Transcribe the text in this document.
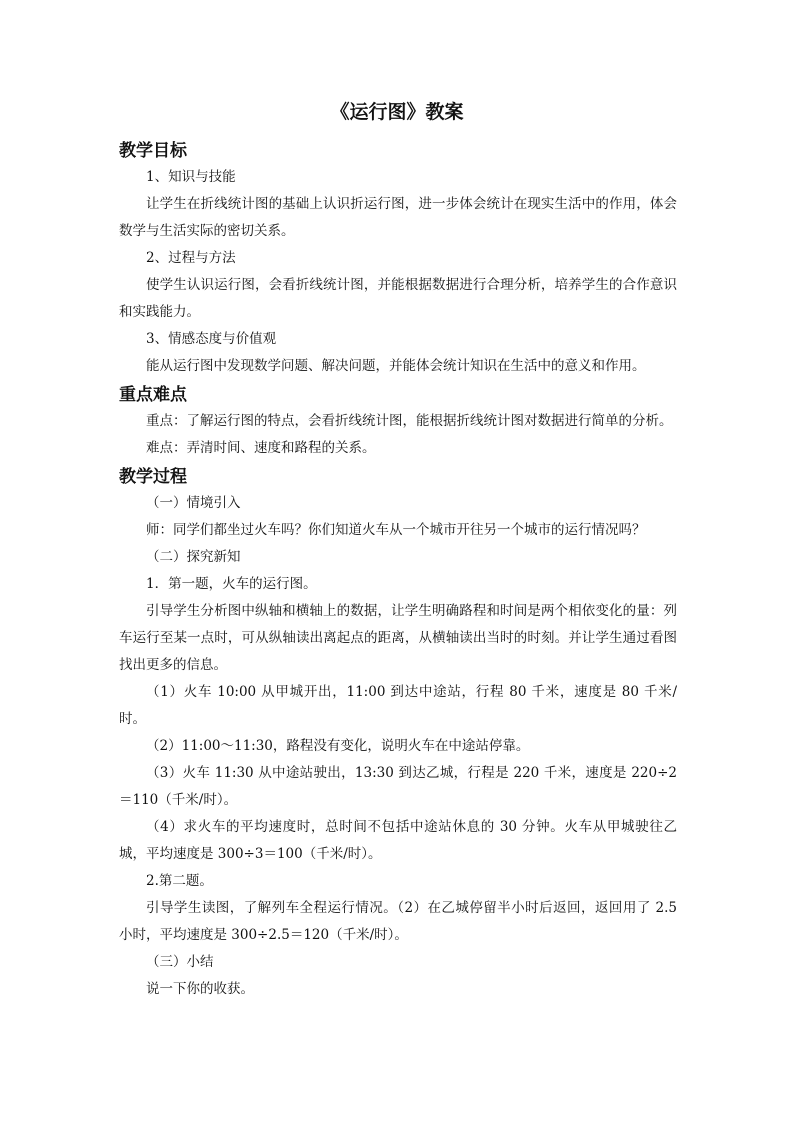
《运行图》教案
教学目标

1、知识与技能

让学生在折线统计图的基础上认识折运行图，进一步体会统计在现实生活中的作用，体会数学与生活实际的密切关系。

2、过程与方法

使学生认识运行图，会看折线统计图，并能根据数据进行合理分析，培养学生的合作意识和实践能力。

3、情感态度与价值观

能从运行图中发现数学问题、解决问题，并能体会统计知识在生活中的意义和作用。

重点难点

重点：了解运行图的特点，会看折线统计图，能根据折线统计图对数据进行简单的分析。

难点：弄清时间、速度和路程的关系。

教学过程

（一）情境引入

师：同学们都坐过火车吗？你们知道火车从一个城市开往另一个城市的运行情况吗？

（二）探究新知

1．第一题，火车的运行图。

引导学生分析图中纵轴和横轴上的数据，让学生明确路程和时间是两个相依变化的量：列车运行至某一点时，可从纵轴读出离起点的距离，从横轴读出当时的时刻。并让学生通过看图找出更多的信息。

（1）火车 10:00 从甲城开出，11:00 到达中途站，行程 80 千米，速度是 80 千米/时。

（2）11:00～11:30，路程没有变化，说明火车在中途站停靠。

（3）火车 11:30 从中途站驶出，13:30 到达乙城，行程是 220 千米，速度是 220÷2＝110（千米/时）。

（4）求火车的平均速度时，总时间不包括中途站休息的 30 分钟。火车从甲城驶往乙城，平均速度是 300÷3＝100（千米/时）。

2.第二题。

引导学生读图，了解列车全程运行情况。（2）在乙城停留半小时后返回，返回用了 2.5 小时，平均速度是 300÷2.5＝120（千米/时）。

（三）小结

说一下你的收获。
